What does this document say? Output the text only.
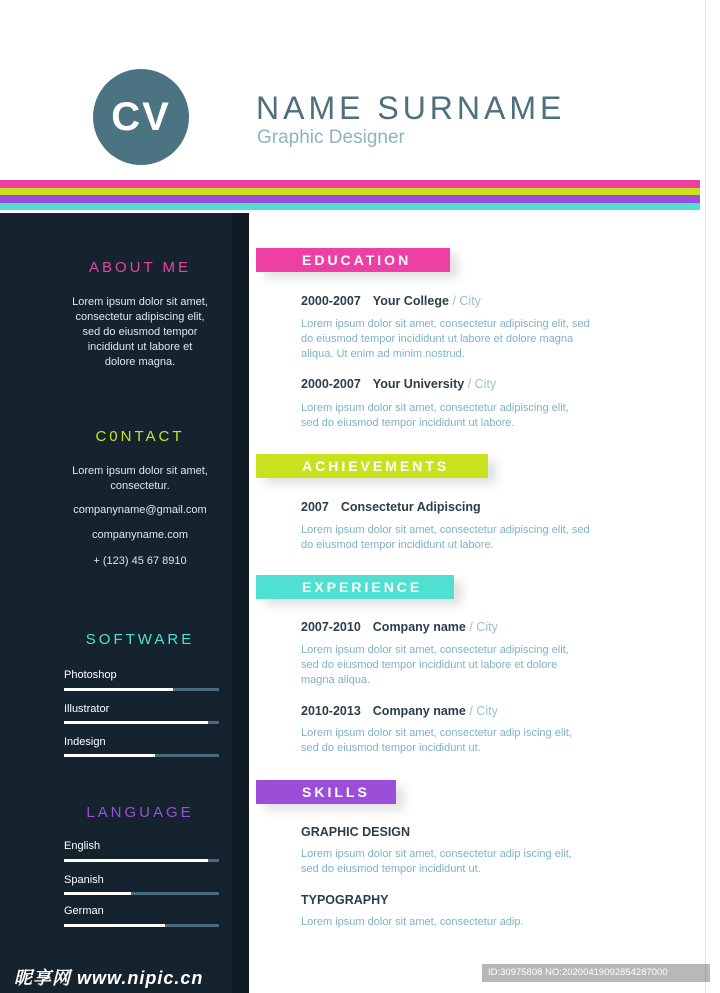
CV	NAME SURNAME
Graphic Designer
ABOUT ME
Lorem ipsum dolor sit amet,
consectetur adipiscing elit,
sed do eiusmod tempor
incididunt ut labore et
dolore magna.
C0NTACT
Lorem ipsum dolor sit amet,
consectetur.
companyname@gmail.com
companyname.com
+ (123) 45 67 8910
SOFTWARE
Photoshop
Illustrator
Indesign
LANGUAGE
English
Spanish
German
EDUCATION
2000-2007 Your College / City
Lorem ipsum dolor sit amet, consectetur adipiscing elit, sed
do eiusmod tempor incididunt ut labore et dolore magna
aliqua. Ut enim ad minim nostrud.
2000-2007 Your University / City
Lorem ipsum dolor sit amet, consectetur adipiscing elit,
sed do eiusmod tempor incididunt ut labore.
ACHIEVEMENTS
2007 Consectetur Adipiscing
Lorem ipsum dolor sit amet, consectetur adipiscing elit, sed
do eiusmod tempor incididunt ut labore.
EXPERIENCE
2007-2010 Company name / City
Lorem ipsum dolor sit amet, consectetur adipiscing elit,
sed do eiusmod tempor incididunt ut labore et dolore
magna aliqua.
2010-2013 Company name / City
Lorem ipsum dolor sit amet, consectetur adip iscing elit,
sed do eiusmod tempor incididunt ut.
SKILLS
GRAPHIC DESIGN
Lorem ipsum dolor sit amet, consectetur adip iscing elit,
sed do eiusmod tempor incididunt ut.
TYPOGRAPHY
Lorem ipsum dolor sit amet, consectetur adip.
昵享网 www.nipic.cn	ID:30975808 NO:20200419092854287000
